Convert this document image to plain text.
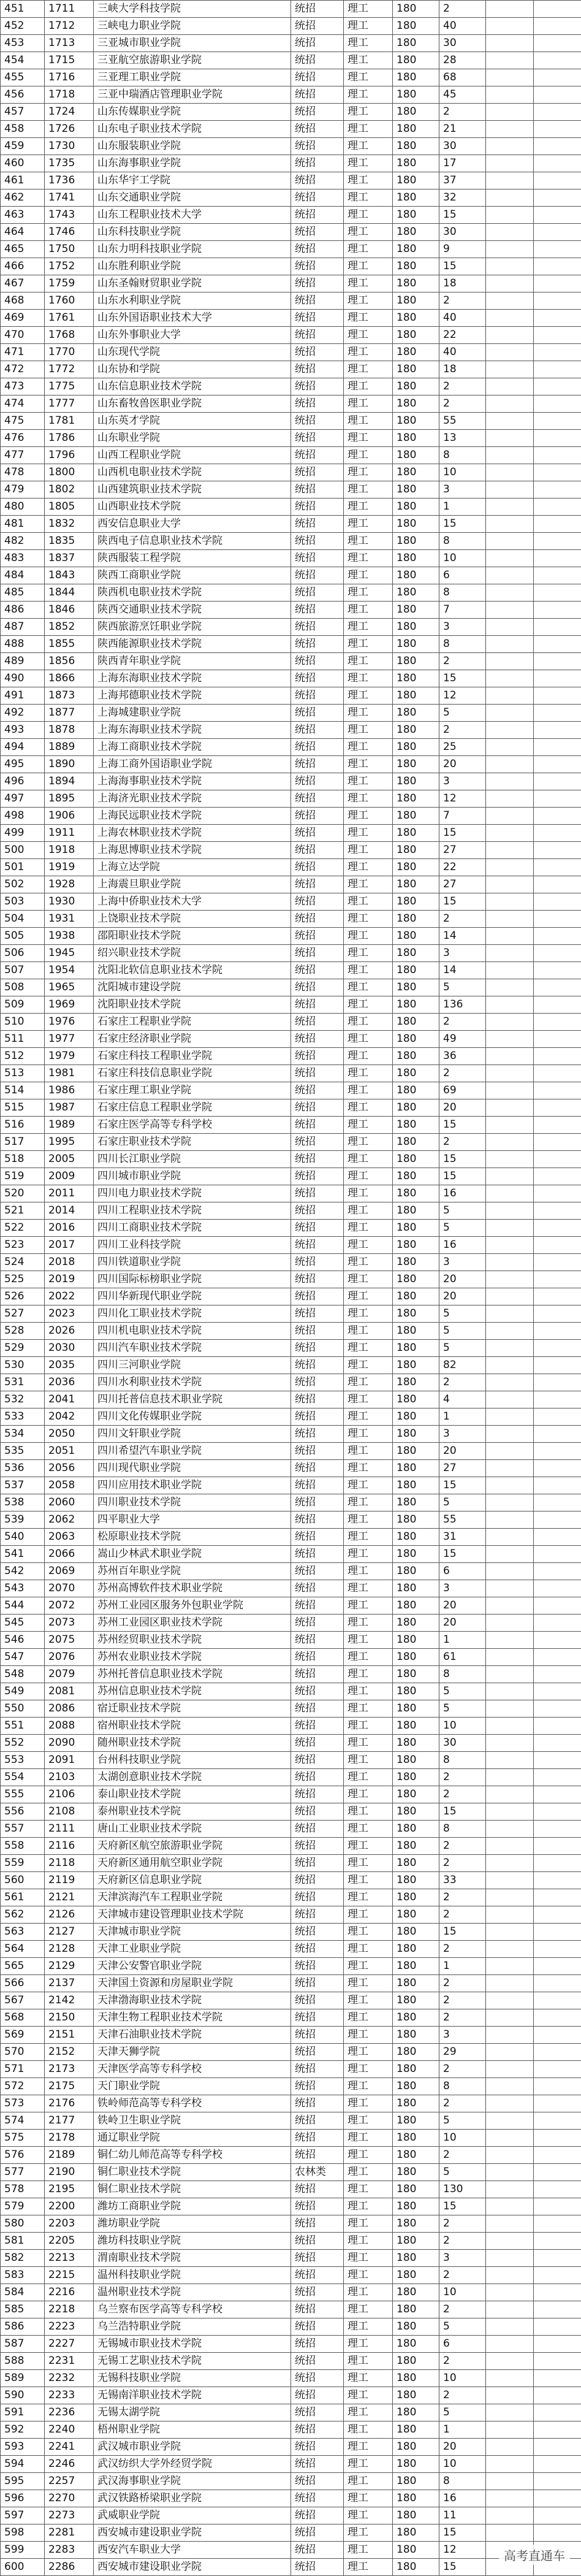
451	1711	三峡大学科技学院	统招	理工	180	2		
452	1712	三峡电力职业学院	统招	理工	180	40		
453	1713	三亚城市职业学院	统招	理工	180	30		
454	1715	三亚航空旅游职业学院	统招	理工	180	28		
455	1716	三亚理工职业学院	统招	理工	180	68		
456	1718	三亚中瑞酒店管理职业学院	统招	理工	180	45		
457	1724	山东传媒职业学院	统招	理工	180	2		
458	1726	山东电子职业技术学院	统招	理工	180	21		
459	1730	山东服装职业学院	统招	理工	180	30		
460	1735	山东海事职业学院	统招	理工	180	17		
461	1736	山东华宇工学院	统招	理工	180	37		
462	1741	山东交通职业学院	统招	理工	180	32		
463	1743	山东工程职业技术大学	统招	理工	180	15		
464	1746	山东科技职业学院	统招	理工	180	30		
465	1750	山东力明科技职业学院	统招	理工	180	9		
466	1752	山东胜利职业学院	统招	理工	180	15		
467	1759	山东圣翰财贸职业学院	统招	理工	180	18		
468	1760	山东水利职业学院	统招	理工	180	2		
469	1761	山东外国语职业技术大学	统招	理工	180	40		
470	1768	山东外事职业大学	统招	理工	180	22		
471	1770	山东现代学院	统招	理工	180	40		
472	1772	山东协和学院	统招	理工	180	18		
473	1775	山东信息职业技术学院	统招	理工	180	2		
474	1777	山东畜牧兽医职业学院	统招	理工	180	2		
475	1781	山东英才学院	统招	理工	180	55		
476	1786	山东职业学院	统招	理工	180	13		
477	1796	山西工程职业学院	统招	理工	180	8		
478	1800	山西机电职业技术学院	统招	理工	180	10		
479	1802	山西建筑职业技术学院	统招	理工	180	3		
480	1805	山西职业技术学院	统招	理工	180	1		
481	1832	西安信息职业大学	统招	理工	180	15		
482	1835	陕西电子信息职业技术学院	统招	理工	180	8		
483	1837	陕西服装工程学院	统招	理工	180	10		
484	1843	陕西工商职业学院	统招	理工	180	6		
485	1844	陕西机电职业技术学院	统招	理工	180	8		
486	1846	陕西交通职业技术学院	统招	理工	180	7		
487	1852	陕西旅游烹饪职业学院	统招	理工	180	3		
488	1855	陕西能源职业技术学院	统招	理工	180	8		
489	1856	陕西青年职业学院	统招	理工	180	2		
490	1866	上海东海职业技术学院	统招	理工	180	15		
491	1873	上海邦德职业技术学院	统招	理工	180	12		
492	1877	上海城建职业学院	统招	理工	180	5		
493	1878	上海东海职业技术学院	统招	理工	180	2		
494	1889	上海工商职业技术学院	统招	理工	180	25		
495	1890	上海工商外国语职业学院	统招	理工	180	20		
496	1894	上海海事职业技术学院	统招	理工	180	3		
497	1895	上海济光职业技术学院	统招	理工	180	12		
498	1906	上海民远职业技术学院	统招	理工	180	7		
499	1911	上海农林职业技术学院	统招	理工	180	15		
500	1918	上海思博职业技术学院	统招	理工	180	27		
501	1919	上海立达学院	统招	理工	180	22		
502	1928	上海震旦职业学院	统招	理工	180	27		
503	1930	上海中侨职业技术大学	统招	理工	180	15		
504	1931	上饶职业技术学院	统招	理工	180	2		
505	1938	邵阳职业技术学院	统招	理工	180	14		
506	1945	绍兴职业技术学院	统招	理工	180	3		
507	1954	沈阳北软信息职业技术学院	统招	理工	180	14		
508	1965	沈阳城市建设学院	统招	理工	180	5		
509	1969	沈阳职业技术学院	统招	理工	180	136		
510	1976	石家庄工程职业学院	统招	理工	180	2		
511	1977	石家庄经济职业学院	统招	理工	180	49		
512	1979	石家庄科技工程职业学院	统招	理工	180	36		
513	1981	石家庄科技信息职业学院	统招	理工	180	2		
514	1986	石家庄理工职业学院	统招	理工	180	69		
515	1987	石家庄信息工程职业学院	统招	理工	180	20		
516	1989	石家庄医学高等专科学校	统招	理工	180	15		
517	1995	石家庄职业技术学院	统招	理工	180	2		
518	2005	四川长江职业学院	统招	理工	180	15		
519	2009	四川城市职业学院	统招	理工	180	15		
520	2011	四川电力职业技术学院	统招	理工	180	16		
521	2014	四川工程职业技术学院	统招	理工	180	5		
522	2016	四川工商职业技术学院	统招	理工	180	5		
523	2017	四川工业科技学院	统招	理工	180	16		
524	2018	四川铁道职业学院	统招	理工	180	3		
525	2019	四川国际标榜职业学院	统招	理工	180	20		
526	2022	四川华新现代职业学院	统招	理工	180	20		
527	2023	四川化工职业技术学院	统招	理工	180	5		
528	2026	四川机电职业技术学院	统招	理工	180	5		
529	2030	四川汽车职业技术学院	统招	理工	180	5		
530	2035	四川三河职业学院	统招	理工	180	82		
531	2036	四川水利职业技术学院	统招	理工	180	2		
532	2041	四川托普信息技术职业学院	统招	理工	180	4		
533	2042	四川文化传媒职业学院	统招	理工	180	1		
534	2050	四川文轩职业学院	统招	理工	180	3		
535	2051	四川希望汽车职业学院	统招	理工	180	20		
536	2056	四川现代职业学院	统招	理工	180	27		
537	2058	四川应用技术职业学院	统招	理工	180	15		
538	2060	四川职业技术学院	统招	理工	180	5		
539	2062	四平职业大学	统招	理工	180	55		
540	2063	松原职业技术学院	统招	理工	180	31		
541	2066	嵩山少林武术职业学院	统招	理工	180	15		
542	2069	苏州百年职业学院	统招	理工	180	6		
543	2070	苏州高博软件技术职业学院	统招	理工	180	3		
544	2072	苏州工业园区服务外包职业学院	统招	理工	180	20		
545	2073	苏州工业园区职业技术学院	统招	理工	180	20		
546	2075	苏州经贸职业技术学院	统招	理工	180	1		
547	2076	苏州农业职业技术学院	统招	理工	180	61		
548	2079	苏州托普信息职业技术学院	统招	理工	180	8		
549	2081	苏州信息职业技术学院	统招	理工	180	5		
550	2086	宿迁职业技术学院	统招	理工	180	5		
551	2088	宿州职业技术学院	统招	理工	180	10		
552	2090	随州职业技术学院	统招	理工	180	30		
553	2091	台州科技职业学院	统招	理工	180	8		
554	2103	太湖创意职业技术学院	统招	理工	180	2		
555	2106	泰山职业技术学院	统招	理工	180	2		
556	2108	泰州职业技术学院	统招	理工	180	15		
557	2111	唐山工业职业技术学院	统招	理工	180	8		
558	2116	天府新区航空旅游职业学院	统招	理工	180	2		
559	2118	天府新区通用航空职业学院	统招	理工	180	2		
560	2119	天府新区信息职业学院	统招	理工	180	33		
561	2121	天津滨海汽车工程职业学院	统招	理工	180	2		
562	2126	天津城市建设管理职业技术学院	统招	理工	180	2		
563	2127	天津城市职业学院	统招	理工	180	15		
564	2128	天津工业职业学院	统招	理工	180	2		
565	2129	天津公安警官职业学院	统招	理工	180	1		
566	2137	天津国土资源和房屋职业学院	统招	理工	180	2		
567	2142	天津渤海职业技术学院	统招	理工	180	2		
568	2150	天津生物工程职业技术学院	统招	理工	180	2		
569	2151	天津石油职业技术学院	统招	理工	180	3		
570	2152	天津天狮学院	统招	理工	180	29		
571	2173	天津医学高等专科学校	统招	理工	180	2		
572	2175	天门职业学院	统招	理工	180	8		
573	2176	铁岭师范高等专科学校	统招	理工	180	2		
574	2177	铁岭卫生职业学院	统招	理工	180	5		
575	2178	通辽职业学院	统招	理工	180	10		
576	2189	铜仁幼儿师范高等专科学校	统招	理工	180	2		
577	2190	铜仁职业技术学院	农林类	理工	180	5		
578	2195	铜仁职业技术学院	统招	理工	180	130		
579	2200	潍坊工商职业学院	统招	理工	180	15		
580	2203	潍坊职业学院	统招	理工	180	2		
581	2205	潍坊科技职业学院	统招	理工	180	2		
582	2213	渭南职业技术学院	统招	理工	180	3		
583	2215	温州科技职业学院	统招	理工	180	2		
584	2216	温州职业技术学院	统招	理工	180	10		
585	2218	乌兰察布医学高等专科学校	统招	理工	180	2		
586	2223	乌兰浩特职业学院	统招	理工	180	5		
587	2227	无锡城市职业技术学院	统招	理工	180	6		
588	2231	无锡工艺职业技术学院	统招	理工	180	2		
589	2232	无锡科技职业学院	统招	理工	180	10		
590	2233	无锡南洋职业技术学院	统招	理工	180	2		
591	2236	无锡太湖学院	统招	理工	180	5		
592	2240	梧州职业学院	统招	理工	180	1		
593	2241	武汉城市职业学院	统招	理工	180	20		
594	2246	武汉纺织大学外经贸学院	统招	理工	180	10		
595	2257	武汉海事职业学院	统招	理工	180	8		
596	2270	武汉铁路桥梁职业学院	统招	理工	180	16		
597	2273	武威职业学院	统招	理工	180	11		
598	2281	西安城市建设职业学院	统招	理工	180	15		
599	2283	西安汽车职业大学	统招	理工	180	12		
600	2286	西安城市建设职业学院	统招	理工	180	15		
高考直通车
